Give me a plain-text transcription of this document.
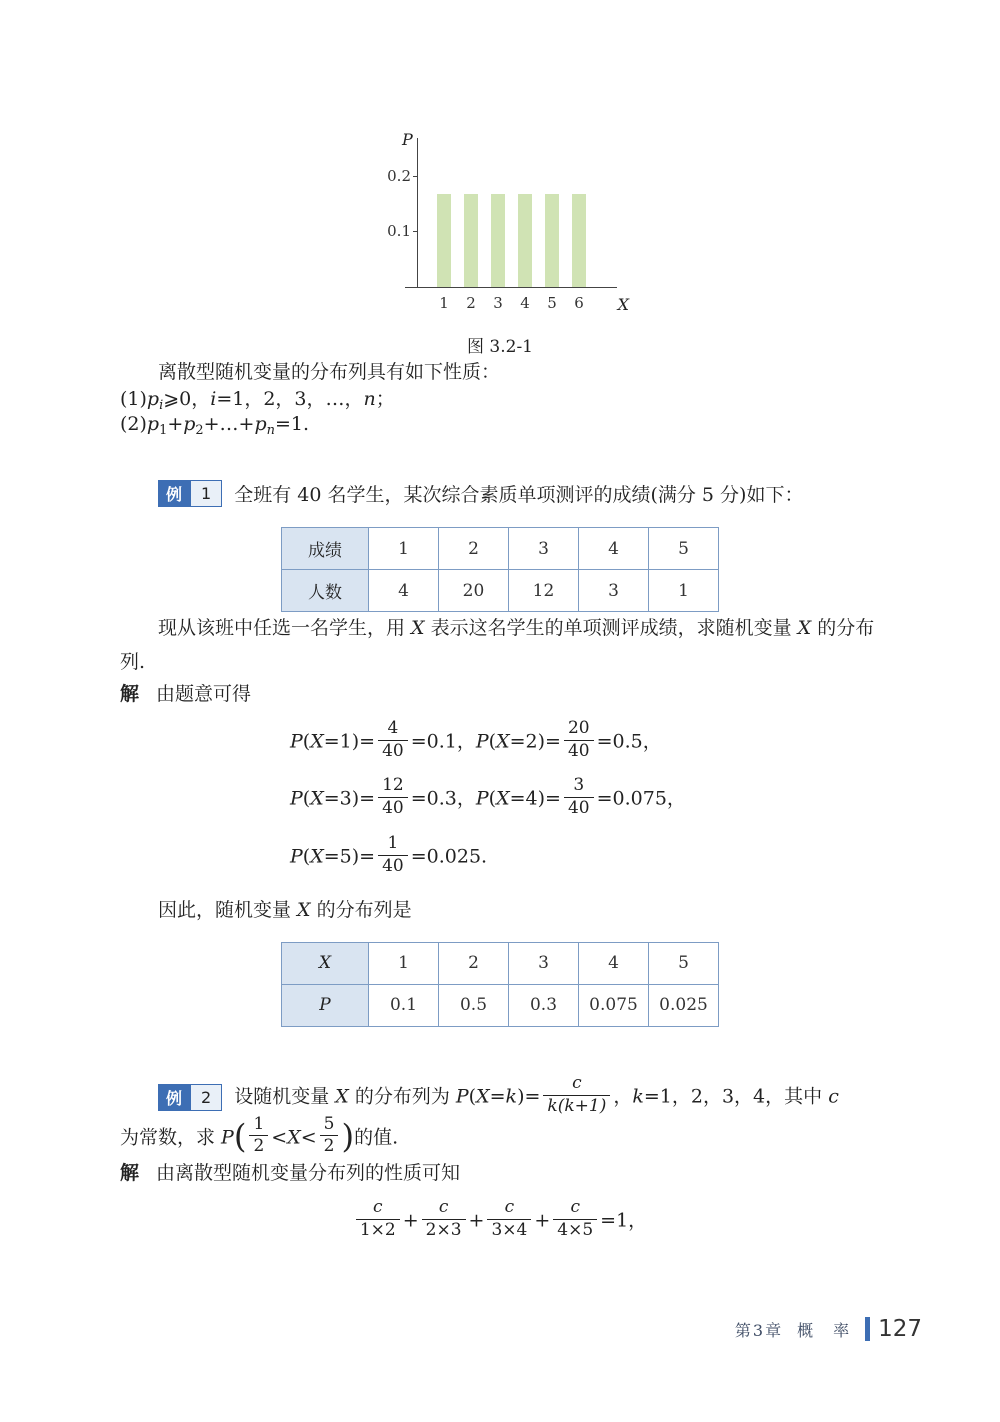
P
X
1 2 3 4 5 6
0.1
0.2
图 3.2-1

离散型随机变量的分布列具有如下性质：

$(1)p_i⩾0$，i=1，2，3，…，n；

$(2)p_1+p_2+\dots+p_n=1$.

例	1	全班有 40 名学生，某次综合素质单项测评的成绩(满分 5 分)如下：
成绩	1	2	3	4	5
人数	4	20	12	3	1

现从该班中任选一名学生，用 X 表示这名学生的单项测评成绩，求随机变量 X 的分布列.

解 由题意可得

$P(X=1)= \frac{4}{40} =0.1$，$P(X=2)= \frac{20}{40} =0.5$，
$P(X=3)= \frac{12}{40} =0.3$，$P(X=4)= \frac{3}{40} =0.075$，
$P(X=5)= \frac{1}{40} =0.025$.

因此，随机变量 X 的分布列是

X	1	2	3	4	5
P	0.1	0.5	0.3	0.075	0.025
例	2	设随机变量 X 的分布列为 $P(X=k)= \frac{c}{k(k+1)}$ ，k=1，2，3，4，其中 c

为常数，求 $P( \frac{1}{2} <X< \frac{5}{2}$ )的值.

解 由离散型随机变量分布列的性质可知

$\frac{c}{1\times 2} + \frac{c}{2\times 3} + \frac{c}{3\times 4} + \frac{c}{4\times 5} =1$，
第3章 概　率 127
